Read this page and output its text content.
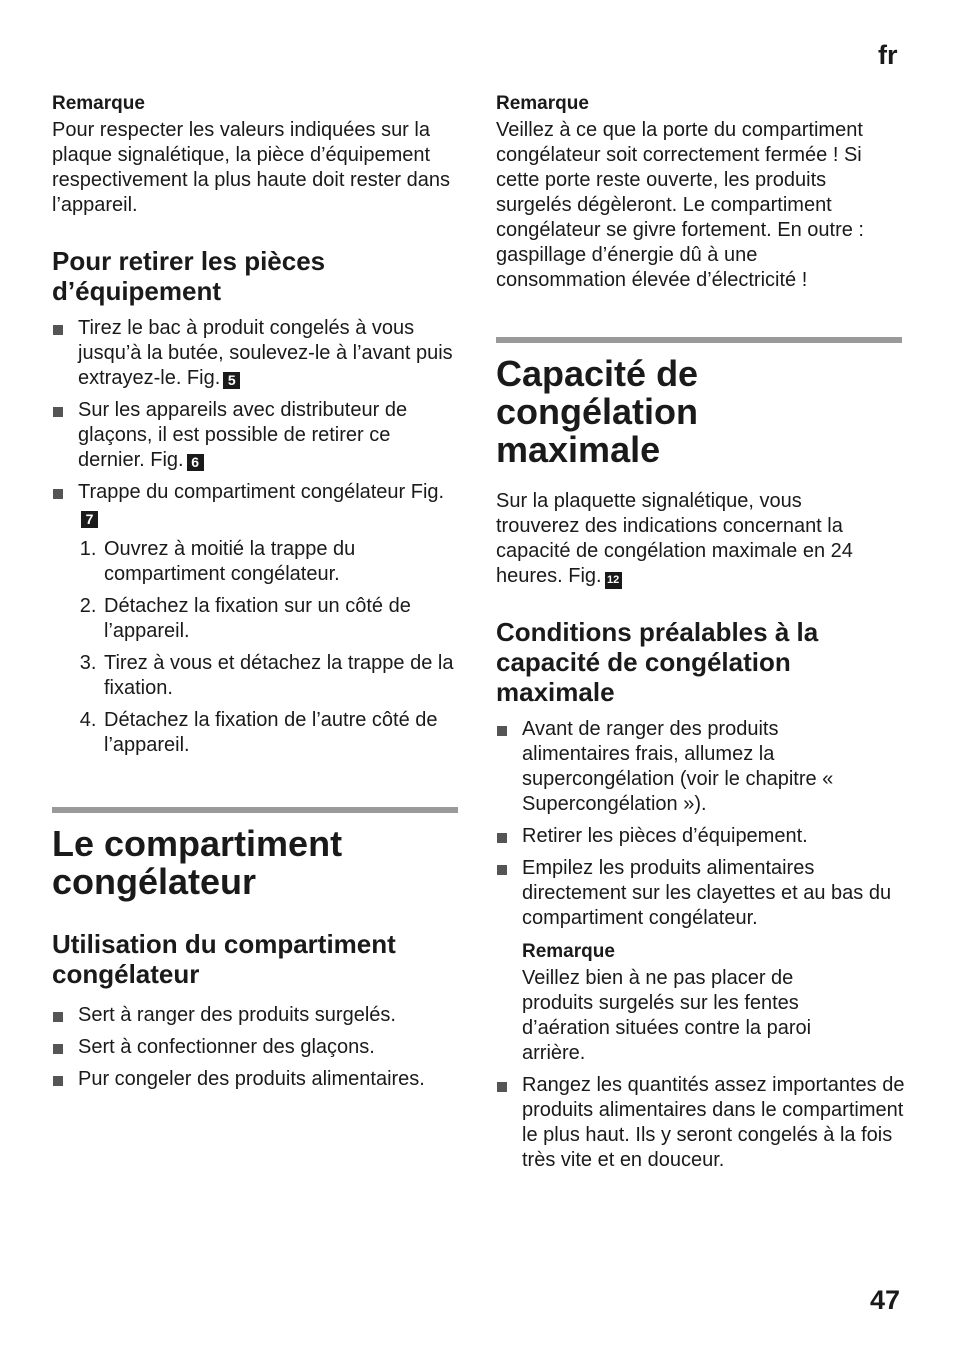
fr
Remarque

Pour respecter les valeurs indiquées sur la plaque signalétique, la pièce d’équipement respectivement la plus haute doit rester dans l’appareil.

Pour retirer les pièces d’équipement
Tirez le bac à produit congelés à vous jusqu’à la butée, soulevez-le à l’avant puis extrayez-le. Fig. 5
Sur les appareils avec distributeur de glaçons, il est possible de retirer ce dernier. Fig. 6
Trappe du compartiment congélateur Fig.7
1. Ouvrez à moitié la trappe du compartiment congélateur.
2. Détachez la fixation sur un côté de l’appareil.
3. Tirez à vous et détachez la trappe de la fixation.
4. Détachez la fixation de l’autre côté de l’appareil.
Le compartiment congélateur
Utilisation du compartiment congélateur
Sert à ranger des produits surgelés.
Sert à confectionner des glaçons.
Pur congeler des produits alimentaires.
Remarque

Veillez à ce que la porte du compartiment congélateur soit correctement fermée ! Si cette porte reste ouverte, les produits surgelés dégèleront. Le compartiment congélateur se givre fortement. En outre : gaspillage d’énergie dû à une consommation élevée d’électricité !

Capacité de congélation maximale

Sur la plaquette signalétique, vous trouverez des indications concernant la capacité de congélation maximale en 24 heures. Fig. 12

Conditions préalables à la capacité de congélation maximale
Avant de ranger des produits alimentaires frais, allumez la supercongélation (voir le chapitre « Supercongélation »).
Retirer les pièces d’équipement.
Empilez les produits alimentaires directement sur les clayettes et au bas du compartiment congélateur.
Remarque

Veillez bien à ne pas placer de produits surgelés sur les fentes d’aération situées contre la paroi arrière.

Rangez les quantités assez importantes de produits alimentaires dans le compartiment le plus haut. Ils y seront congelés à la fois très vite et en douceur.
47
